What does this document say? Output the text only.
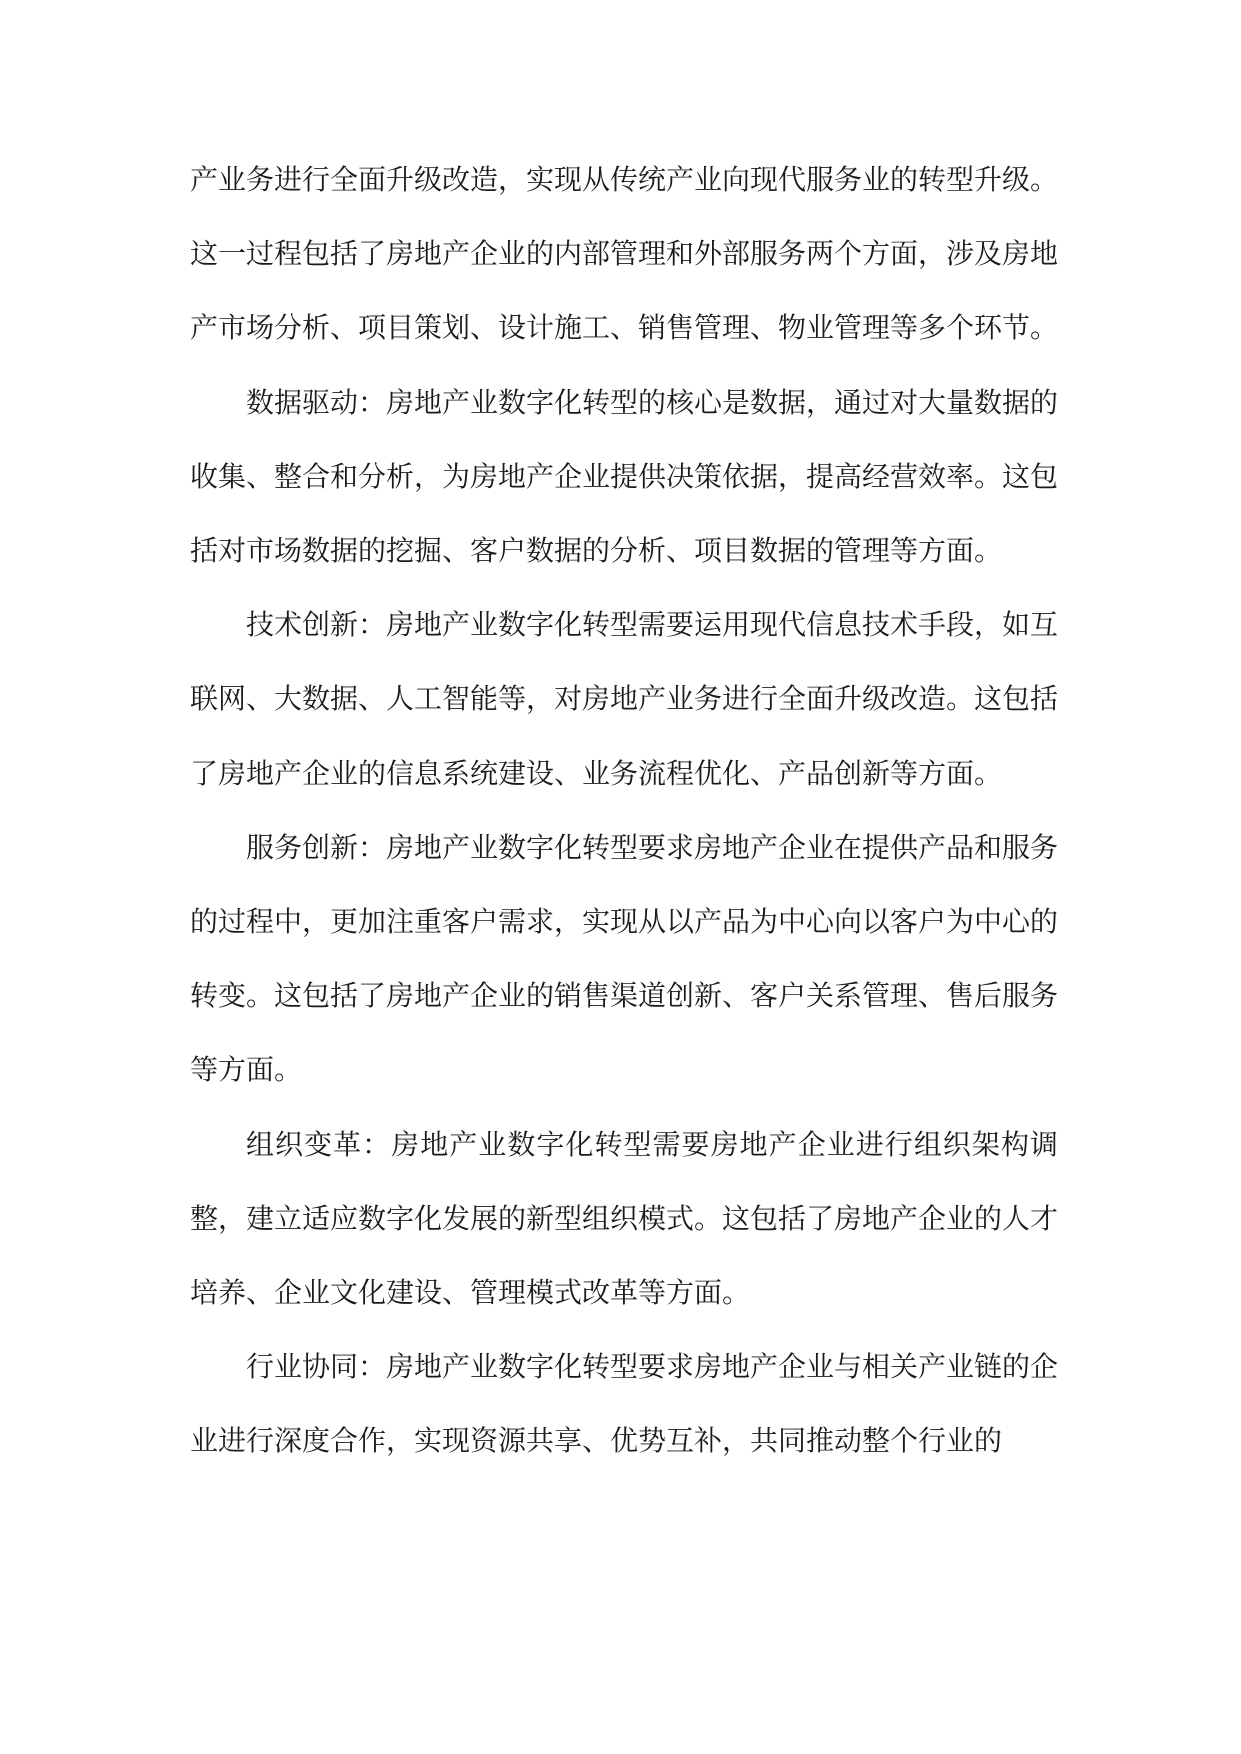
产业务进行全面升级改造，实现从传统产业向现代服务业的转型升级。这一过程包括了房地产企业的内部管理和外部服务两个方面，涉及房地产市场分析、项目策划、设计施工、销售管理、物业管理等多个环节。

数据驱动：房地产业数字化转型的核心是数据，通过对大量数据的收集、整合和分析，为房地产企业提供决策依据，提高经营效率。这包括对市场数据的挖掘、客户数据的分析、项目数据的管理等方面。

技术创新：房地产业数字化转型需要运用现代信息技术手段，如互联网、大数据、人工智能等，对房地产业务进行全面升级改造。这包括了房地产企业的信息系统建设、业务流程优化、产品创新等方面。

服务创新：房地产业数字化转型要求房地产企业在提供产品和服务的过程中，更加注重客户需求，实现从以产品为中心向以客户为中心的转变。这包括了房地产企业的销售渠道创新、客户关系管理、售后服务等方面。

组织变革：房地产业数字化转型需要房地产企业进行组织架构调整，建立适应数字化发展的新型组织模式。这包括了房地产企业的人才培养、企业文化建设、管理模式改革等方面。

行业协同：房地产业数字化转型要求房地产企业与相关产业链的企业进行深度合作，实现资源共享、优势互补，共同推动整个行业的
